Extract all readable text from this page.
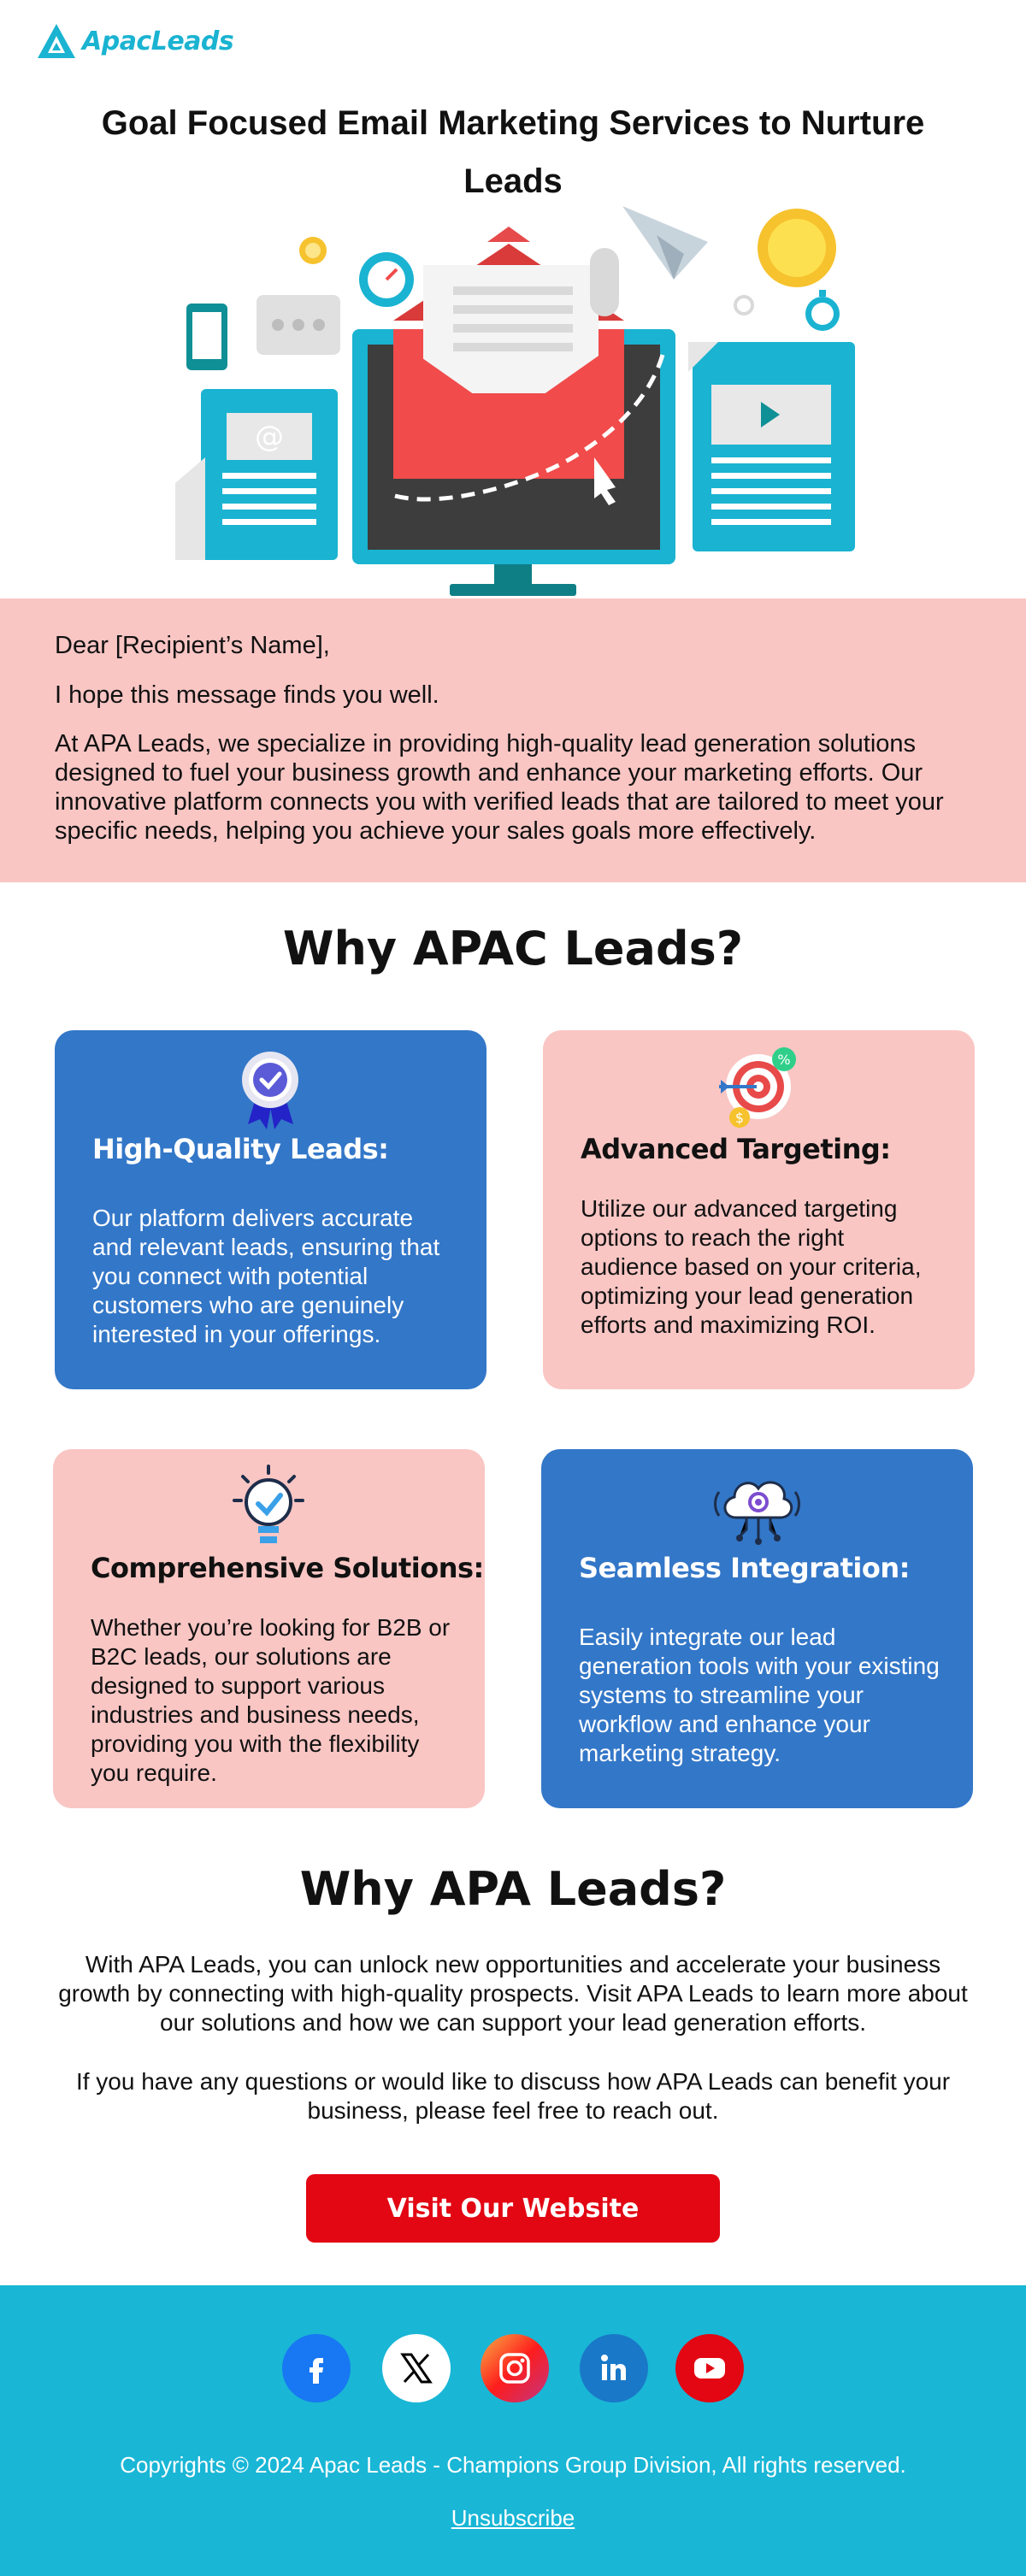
ApacLeads
Goal Focused Email Marketing Services to Nurture Leads
@

Dear [Recipient’s Name],

I hope this message finds you well.

At APA Leads, we specialize in providing high-quality lead generation solutions designed to fuel your business growth and enhance your marketing efforts. Our innovative platform connects you with verified leads that are tailored to meet your specific needs, helping you achieve your sales goals more effectively.

Why APAC Leads?
High-Quality Leads:

Our platform delivers accurate and relevant leads, ensuring that you connect with potential customers who are genuinely interested in your offerings.

%
$
Advanced Targeting:

Utilize our advanced targeting options to reach the right audience based on your criteria, optimizing your lead generation efforts and maximizing ROI.

Comprehensive Solutions:

Whether you’re looking for B2B or B2C leads, our solutions are designed to support various industries and business needs, providing you with the flexibility you require.

Seamless Integration:

Easily integrate our lead generation tools with your existing systems to streamline your workflow and enhance your marketing strategy.

Why APA Leads?

With APA Leads, you can unlock new opportunities and accelerate your business growth by connecting with high-quality prospects. Visit APA Leads to learn more about our solutions and how we can support your lead generation efforts.

If you have any questions or would like to discuss how APA Leads can benefit your business, please feel free to reach out.

Visit Our Website

Copyrights © 2024 Apac Leads - Champions Group Division, All rights reserved.

Unsubscribe
